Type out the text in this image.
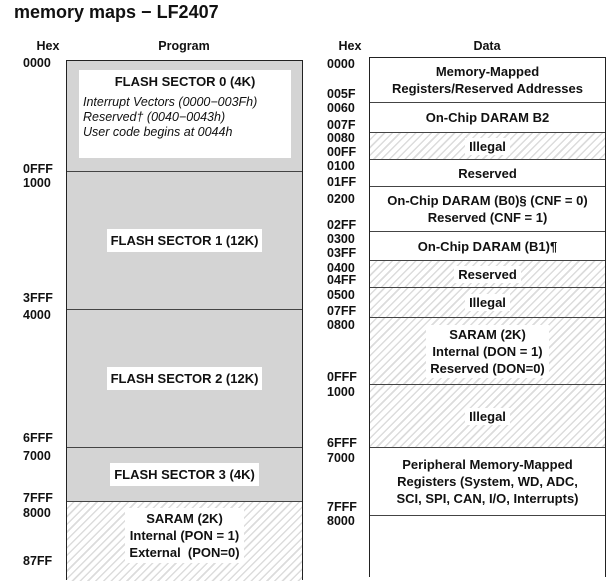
memory maps − LF2407
Hex	Program
0000
0FFF
1000
3FFF
4000
6FFF
7000
7FFF
8000
87FF
FLASH SECTOR 0 (4K)
Interrupt Vectors (0000−003Fh)
Reserved† (0040−0043h)
User code begins at 0044h
FLASH SECTOR 1 (12K)
FLASH SECTOR 2 (12K)
FLASH SECTOR 3 (4K)
SARAM (2K)
Internal (PON = 1)
External  (PON=0)
Hex	Data
0000
005F
0060
007F
0080
00FF
0100
01FF
0200
02FF
0300
03FF
0400
04FF
0500
07FF
0800
0FFF
1000
6FFF
7000
7FFF
8000
Memory-Mapped
Registers/Reserved Addresses
On-Chip DARAM B2
Illegal
Reserved
On-Chip DARAM (B0)§ (CNF = 0)
Reserved (CNF = 1)
On-Chip DARAM (B1)¶
Reserved
Illegal
SARAM (2K)
Internal (DON = 1)
Reserved (DON=0)
Illegal
Peripheral Memory-Mapped
Registers (System, WD, ADC,
SCI, SPI, CAN, I/O, Interrupts)
